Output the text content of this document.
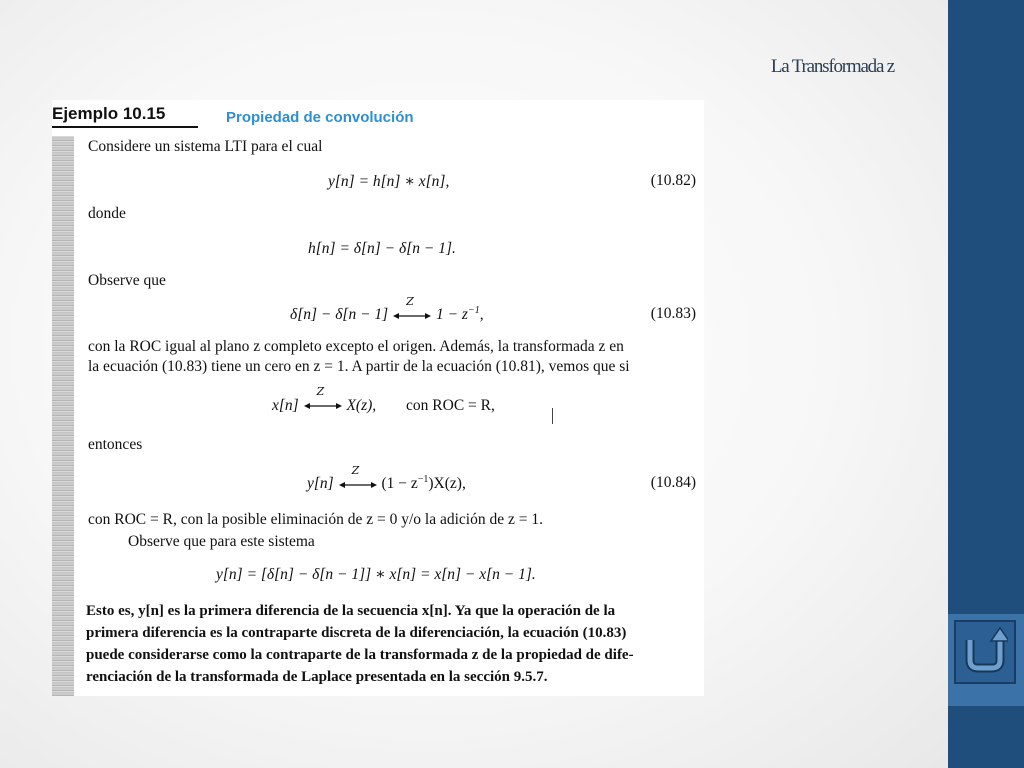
La Transformada z
Ejemplo 10.15	Propiedad de convolución
Considere un sistema LTI para el cual
y[n] = h[n] ∗ x[n],	(10.82)
donde
h[n] = δ[n] − δ[n − 1].
Observe que
δ[n] − δ[n − 1]
Z
$1 - z^{-1}$,	(10.83)
con la ROC igual al plano z completo excepto el origen. Además, la transformada z en
la ecuación (10.83) tiene un cero en z = 1. A partir de la ecuación (10.81), vemos que si
x[n]
Z
X(z), con ROC = R,
entonces
y[n]
Z
$(1 - z^{-1})X(z)$,	(10.84)
con ROC = R, con la posible eliminación de z = 0 y/o la adición de z = 1.
Observe que para este sistema
y[n] = [δ[n] − δ[n − 1]] ∗ x[n] = x[n] − x[n − 1].
Esto es, y[n] es la primera diferencia de la secuencia x[n]. Ya que la operación de la
primera diferencia es la contraparte discreta de la diferenciación, la ecuación (10.83)
puede considerarse como la contraparte de la transformada z de la propiedad de dife-
renciación de la transformada de Laplace presentada en la sección 9.5.7.
